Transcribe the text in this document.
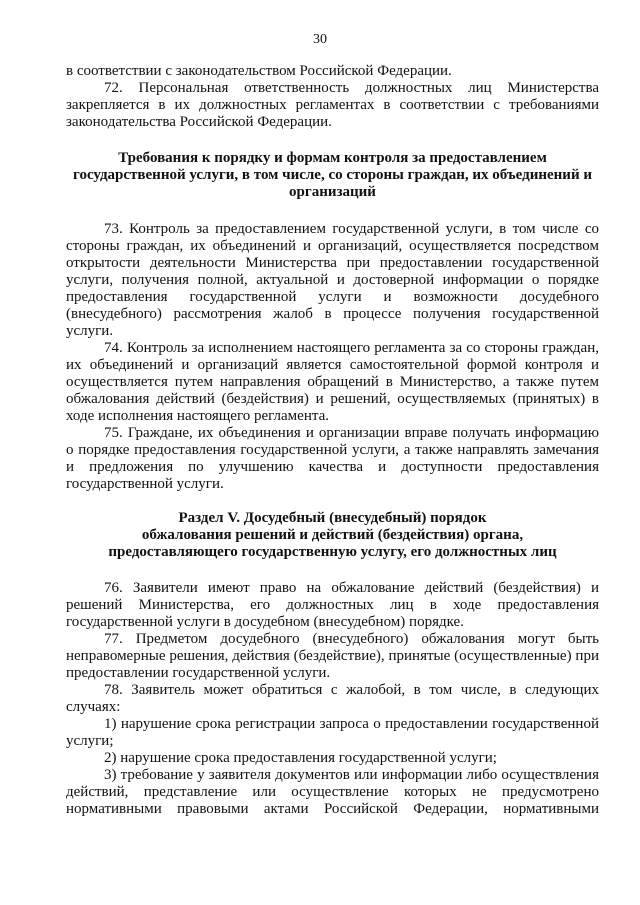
30

в соответствии с законодательством Российской Федерации.

72. Персональная ответственность должностных лиц Министерства закрепляется в их должностных регламентах в соответствии с требованиями законодательства Российской Федерации.

Требования к порядку и формам контроля за предоставлением
государственной услуги, в том числе, со стороны граждан, их объединений и
организаций

73. Контроль за предоставлением государственной услуги, в том числе со стороны граждан, их объединений и организаций, осуществляется посредством открытости деятельности Министерства при предоставлении государственной услуги, получения полной, актуальной и достоверной информации о порядке предоставления государственной услуги и возможности досудебного (внесудебного) рассмотрения жалоб в процессе получения государственной услуги.

74. Контроль за исполнением настоящего регламента за со стороны граждан, их объединений и организаций является самостоятельной формой контроля и осуществляется путем направления обращений в Министерство, а также путем обжалования действий (бездействия) и решений, осуществляемых (принятых) в ходе исполнения настоящего регламента.

75. Граждане, их объединения и организации вправе получать информацию о порядке предоставления государственной услуги, а также направлять замечания и предложения по улучшению качества и доступности предоставления государственной услуги.

Раздел V. Досудебный (внесудебный) порядок
обжалования решений и действий (бездействия) органа,
предоставляющего государственную услугу, его должностных лиц

76. Заявители имеют право на обжалование действий (бездействия) и решений Министерства, его должностных лиц в ходе предоставления государственной услуги в досудебном (внесудебном) порядке.

77. Предметом досудебного (внесудебного) обжалования могут быть неправомерные решения, действия (бездействие), принятые (осуществленные) при предоставлении государственной услуги.

78. Заявитель может обратиться с жалобой, в том числе, в следующих случаях:

1) нарушение срока регистрации запроса о предоставлении государственной услуги;

2) нарушение срока предоставления государственной услуги;

3) требование у заявителя документов или информации либо осуществления действий, представление или осуществление которых не предусмотрено нормативными правовыми актами Российской Федерации, нормативными
